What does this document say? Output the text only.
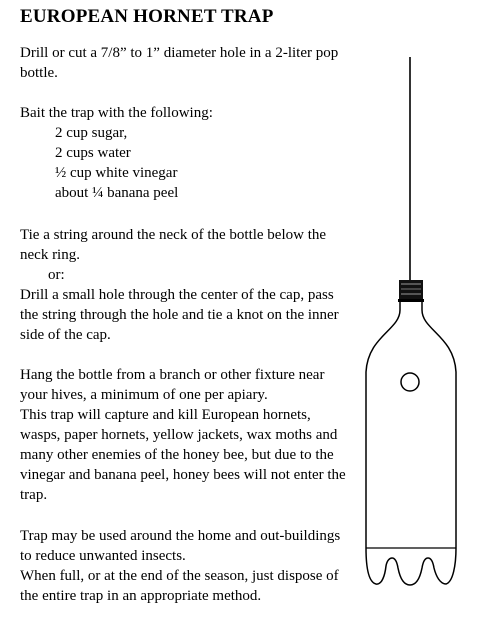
EUROPEAN HORNET TRAP
Drill or cut a 7/8” to 1” diameter hole in a 2-liter pop
bottle.
Bait the trap with the following:
2 cup sugar,
2 cups water
½ cup white vinegar
about ¼ banana peel
Tie a string around the neck of the bottle below the
neck ring.
or:
Drill a small hole through the center of the cap, pass
the string through the hole and tie a knot on the inner
side of the cap.
Hang the bottle from a branch or other fixture near
your hives, a minimum of one per apiary.
This trap will capture and kill European hornets,
wasps, paper hornets, yellow jackets, wax moths and
many other enemies of the honey bee, but due to the
vinegar and banana peel, honey bees will not enter the
trap.
Trap may be used around the home and out-buildings
to reduce unwanted insects.
When full, or at the end of the season, just dispose of
the entire trap in an appropriate method.
